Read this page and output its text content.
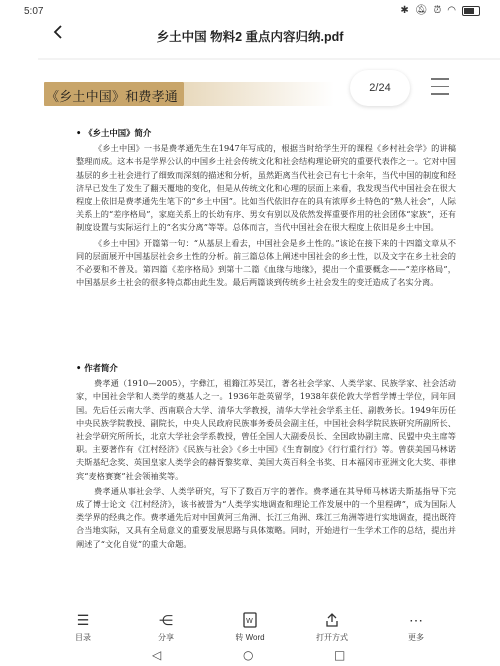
5:07	✱ 🔕︎ ⏰︎ ◠
乡土中国 物料2 重点内容归纳.pdf
《乡土中国》和费孝通
2/24
• 《乡土中国》简介

《乡土中国》一书是费孝通先生在1947年写成的，根据当时给学生开的课程《乡村社会学》的讲稿整理而成。这本书是学界公认的中国乡土社会传统文化和社会结构理论研究的重要代表作之一。它对中国基层的乡土社会进行了细致而深刻的描述和分析，虽然距离当代社会已有七十余年，当代中国的制度和经济早已发生了发生了翻天覆地的变化，但是从传统文化和心理的层面上来看，我发现当代中国社会在很大程度上依旧是费孝通先生笔下的“乡土中国”。比如当代依旧存在的具有浓厚乡土特色的“熟人社会”，人际关系上的“差序格局”，家庭关系上的长幼有序、男女有别以及依然发挥重要作用的社会团体“家族”，还有制度设置与实际运行上的“名实分离”等等。总体而言，当代中国社会在很大程度上依旧是乡土中国。

《乡土中国》开篇第一句：“从基层上看去，中国社会是乡土性的。”该论在接下来的十四篇文章从不同的层面展开中国基层社会乡土性的分析。前三篇总体上阐述中国社会的乡土性，以及文字在乡土社会的不必要和不普及。第四篇《差序格局》到第十二篇《血缘与地缘》，提出一个重要概念——“差序格局”，中国基层乡土社会的很多特点都由此生发。最后两篇谈到传统乡土社会发生的变迁造成了名实分离。

• 作者简介

费孝通（1910—2005），字彝江，祖籍江苏吴江，著名社会学家、人类学家、民族学家、社会活动家，中国社会学和人类学的奠基人之一。1936年赴英留学，1938年获伦敦大学哲学博士学位，同年回国。先后任云南大学、西南联合大学、清华大学教授，清华大学社会学系主任、副教务长。1949年历任中央民族学院教授、副院长，中央人民政府民族事务委员会副主任，中国社会科学院民族研究所副所长、社会学研究所所长，北京大学社会学系教授，曾任全国人大副委员长、全国政协副主席、民盟中央主席等职。主要著作有《江村经济》《民族与社会》《乡土中国》《生育制度》《行行重行行》等。曾获美国马林诺夫斯基纪念奖、英国皇家人类学会的赫胥黎奖章、美国大英百科全书奖、日本福冈市亚洲文化大奖、菲律宾“麦格赛赛”社会领袖奖等。

费孝通从事社会学、人类学研究，写下了数百万字的著作。费孝通在其导师马林诺夫斯基指导下完成了博士论文《江村经济》，该书被誉为“人类学实地调查和理论工作发展中的一个里程碑”，成为国际人类学界的经典之作。费孝通先后对中国黄河三角洲、长江三角洲、珠江三角洲等进行实地调查，提出既符合当地实际，又具有全局意义的重要发展思路与具体策略。同时，开始进行一生学术工作的总结，提出并阐述了“文化自觉”的重大命题。

☰
目录
⋲
分享
W
转 Word	打开方式
⋯
更多
◁	○	□
